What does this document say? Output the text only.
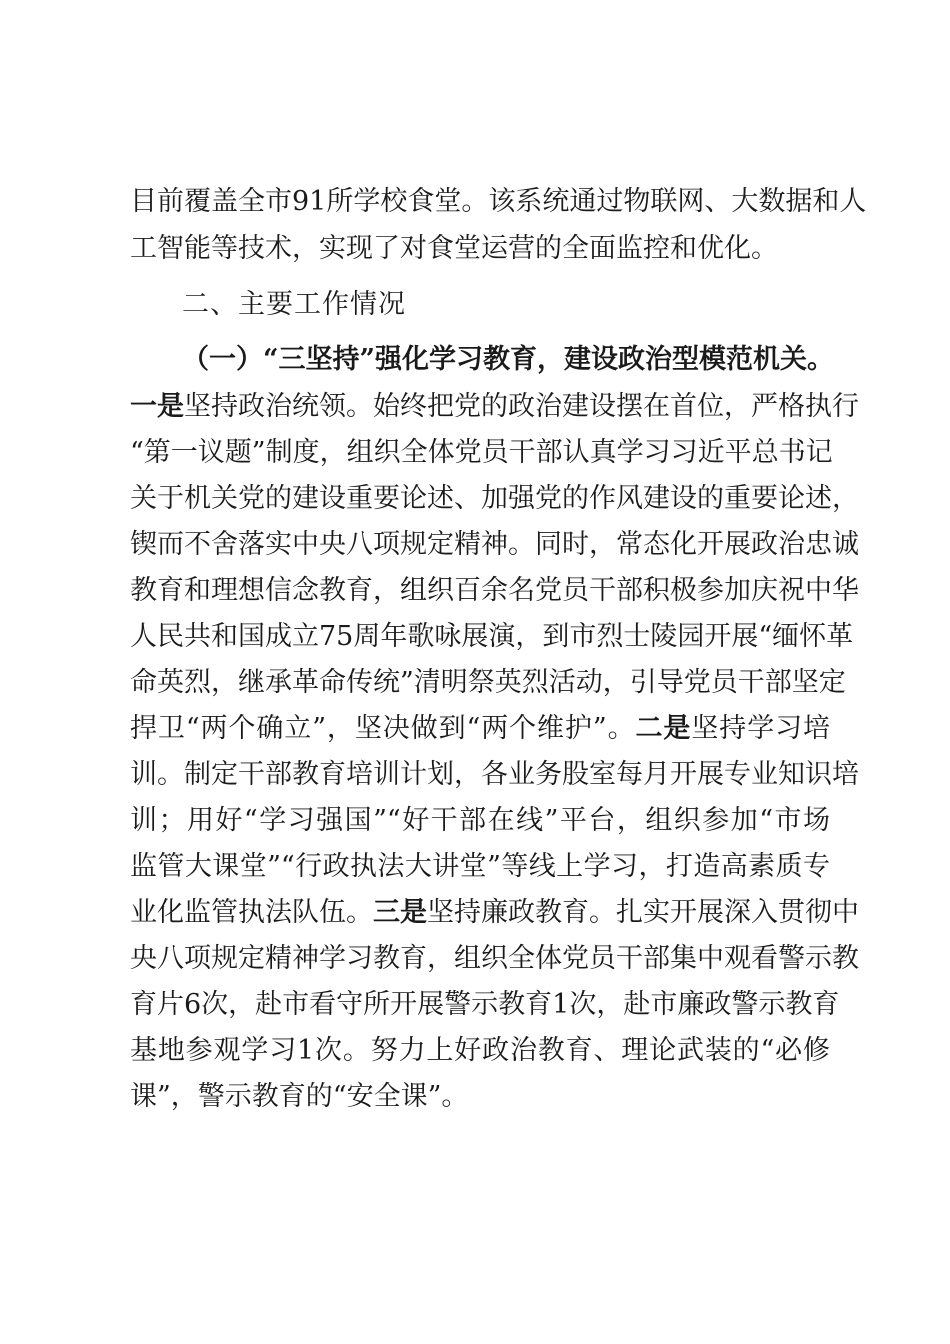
目前覆盖全市91所学校食堂。该系统通过物联网、大数据和人
工智能等技术，实现了对食堂运营的全面监控和优化。
二、主要工作情况
（一）“三坚持”强化学习教育，建设政治型模范机关。
一是坚持政治统领。始终把党的政治建设摆在首位，严格执行
“第一议题”制度，组织全体党员干部认真学习习近平总书记
关于机关党的建设重要论述、加强党的作风建设的重要论述，
锲而不舍落实中央八项规定精神。同时，常态化开展政治忠诚
教育和理想信念教育，组织百余名党员干部积极参加庆祝中华
人民共和国成立75周年歌咏展演，到市烈士陵园开展“缅怀革
命英烈，继承革命传统”清明祭英烈活动，引导党员干部坚定
捍卫“两个确立”，坚决做到“两个维护”。二是坚持学习培
训。制定干部教育培训计划，各业务股室每月开展专业知识培
训；用好“学习强国”“好干部在线”平台，组织参加“市场
监管大课堂”“行政执法大讲堂”等线上学习，打造高素质专
业化监管执法队伍。三是坚持廉政教育。扎实开展深入贯彻中
央八项规定精神学习教育，组织全体党员干部集中观看警示教
育片6次，赴市看守所开展警示教育1次，赴市廉政警示教育
基地参观学习1次。努力上好政治教育、理论武装的“必修
课”，警示教育的“安全课”。
